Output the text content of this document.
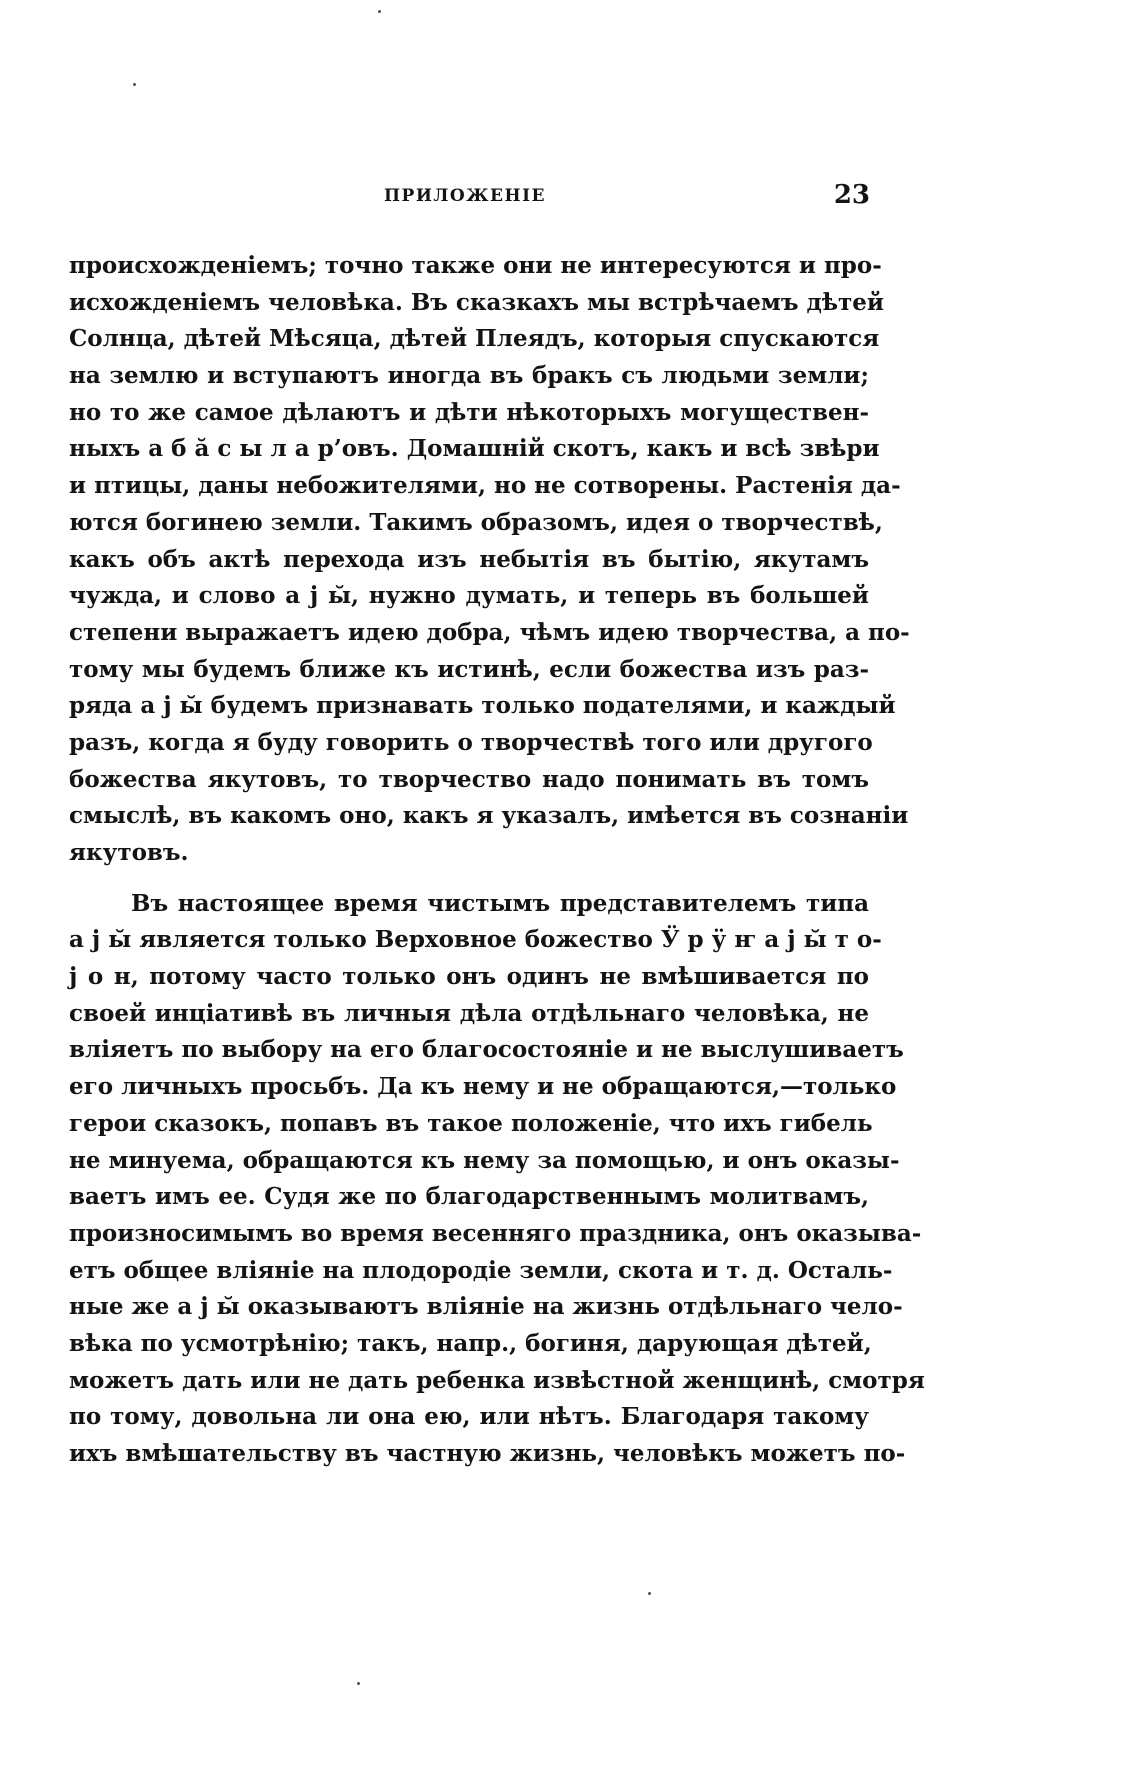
ПРИЛОЖЕНІЕ	23
происхожденіемъ; точно также они не интересуются и про-
исхожденіемъ человѣка. Въ сказкахъ мы встрѣчаемъ дѣтей
Солнца, дѣтей Мѣсяца, дѣтей Плеядъ, которыя спускаются
на землю и вступаютъ иногда въ бракъ съ людьми земли;
но то же самое дѣлаютъ и дѣти нѣкоторыхъ могуществен-
ныхъ а б ă с ы л а р’овъ. Домашній скотъ, какъ и всѣ звѣри
и птицы, даны небожителями, но не сотворены. Растенія да-
ются богинею земли. Такимъ образомъ, идея о творчествѣ,
какъ объ актѣ перехода изъ небытія въ бытію, якутамъ
чужда, и слово а ј ы̆, нужно думать, и теперь въ большей
степени выражаетъ идею добра, чѣмъ идею творчества, а по-
тому мы будемъ ближе къ истинѣ, если божества изъ раз-
ряда а ј ы̆ будемъ признавать только подателями, и каждый
разъ, когда я буду говорить о творчествѣ того или другого
божества якутовъ, то творчество надо понимать въ томъ
смыслѣ, въ какомъ оно, какъ я указалъ, имѣется въ сознаніи
якутовъ.
Въ настоящее время чистымъ представителемъ типа
а ј ы̆ является только Верховное божество Ӱ р ӱ ҥ а ј ы̆ т о-
ј о н, потому часто только онъ одинъ не вмѣшивается по
своей инціативѣ въ личныя дѣла отдѣльнаго человѣка, не
вліяетъ по выбору на его благосостояніе и не выслушиваетъ
его личныхъ просьбъ. Да къ нему и не обращаются,—только
герои сказокъ, попавъ въ такое положеніе, что ихъ гибель
не минуема, обращаются къ нему за помощью, и онъ оказы-
ваетъ имъ ее. Судя же по благодарственнымъ молитвамъ,
произносимымъ во время весенняго праздника, онъ оказыва-
етъ общее вліяніе на плодородіе земли, скота и т. д. Осталь-
ные же а ј ы̆ оказываютъ вліяніе на жизнь отдѣльнаго чело-
вѣка по усмотрѣнію; такъ, напр., богиня, дарующая дѣтей,
можетъ дать или не дать ребенка извѣстной женщинѣ, смотря
по тому, довольна ли она ею, или нѣтъ. Благодаря такому
ихъ вмѣшательству въ частную жизнь, человѣкъ можетъ по-
